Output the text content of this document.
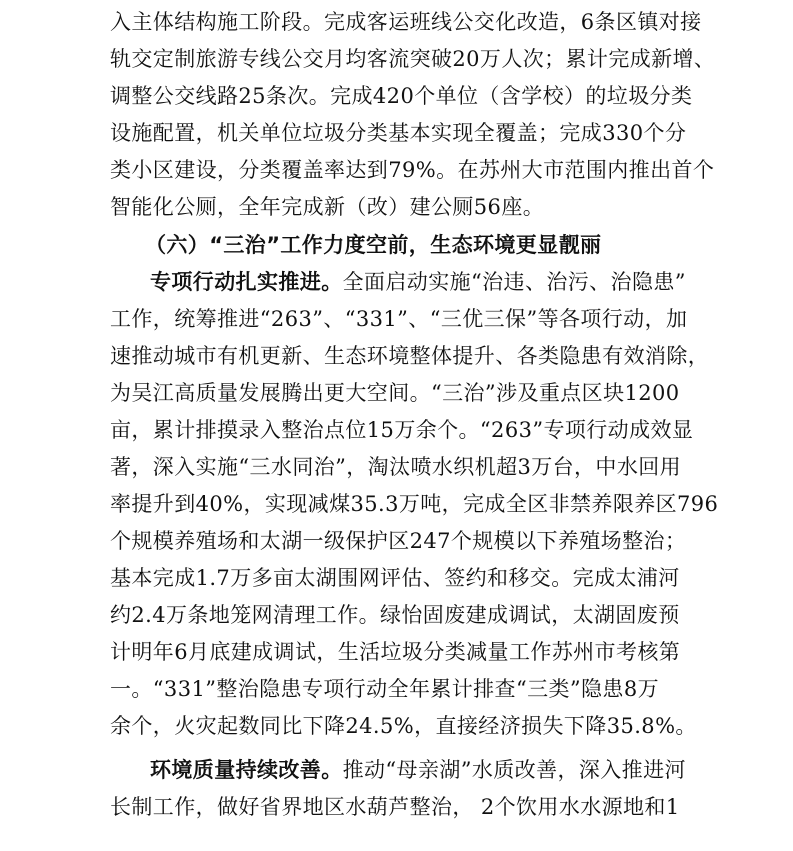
入主体结构施工阶段。完成客运班线公交化改造，6条区镇对接
轨交定制旅游专线公交月均客流突破20万人次；累计完成新增、
调整公交线路25条次。完成420个单位（含学校）的垃圾分类
设施配置，机关单位垃圾分类基本实现全覆盖；完成330个分
类小区建设，分类覆盖率达到79%。在苏州大市范围内推出首个
智能化公厕，全年完成新（改）建公厕56座。
（六）“三治”工作力度空前，生态环境更显靓丽
专项行动扎实推进。全面启动实施“治违、治污、治隐患”
工作，统筹推进“263”、“331”、“三优三保”等各项行动，加
速推动城市有机更新、生态环境整体提升、各类隐患有效消除，
为吴江高质量发展腾出更大空间。“三治”涉及重点区块1200
亩，累计排摸录入整治点位15万余个。“263”专项行动成效显
著，深入实施“三水同治”，淘汰喷水织机超3万台，中水回用
率提升到40%，实现减煤35.3万吨，完成全区非禁养限养区796
个规模养殖场和太湖一级保护区247个规模以下养殖场整治；
基本完成1.7万多亩太湖围网评估、签约和移交。完成太浦河
约2.4万条地笼网清理工作。绿怡固废建成调试，太湖固废预
计明年6月底建成调试，生活垃圾分类减量工作苏州市考核第
一。“331”整治隐患专项行动全年累计排查“三类”隐患8万
余个，火灾起数同比下降24.5%，直接经济损失下降35.8%。
环境质量持续改善。推动“母亲湖”水质改善，深入推进河
长制工作，做好省界地区水葫芦整治， 2个饮用水水源地和1
